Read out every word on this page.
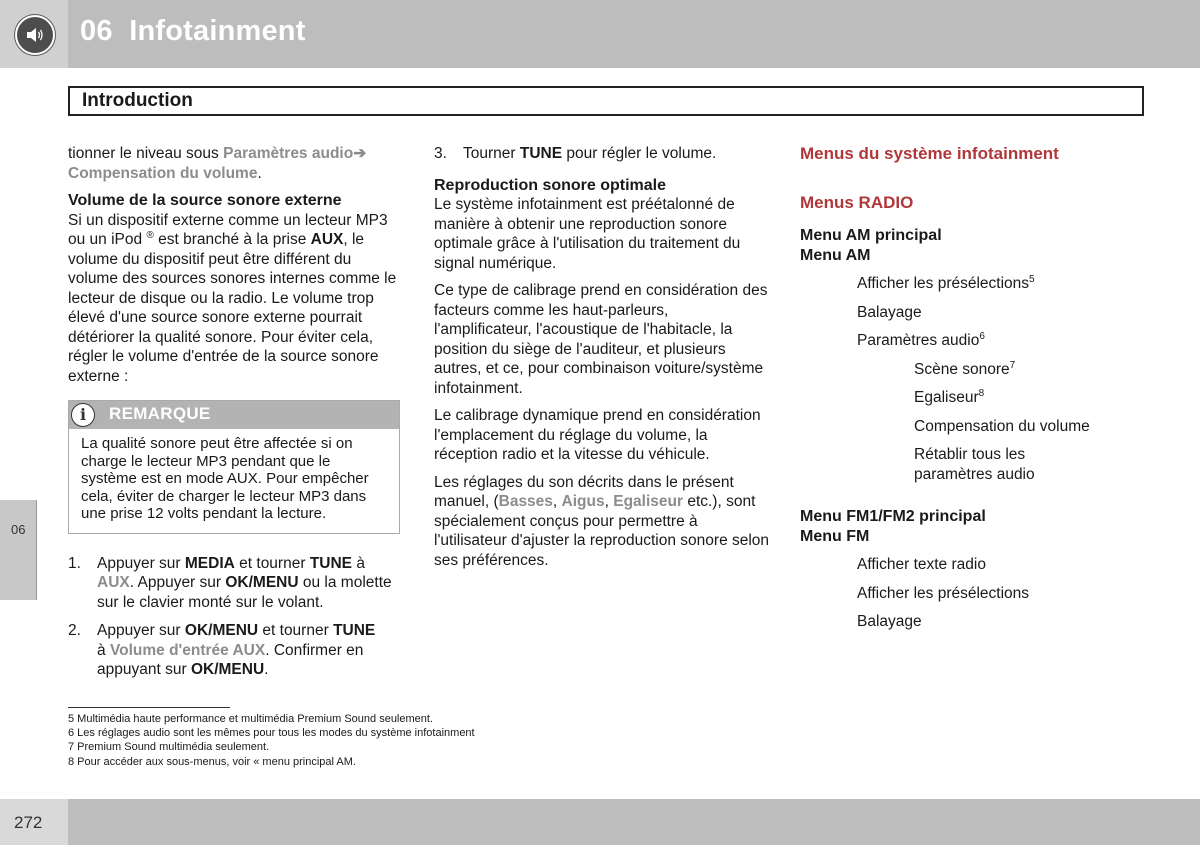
06 Infotainment
Introduction

tionner le niveau sous Paramètres audio➔ Compensation du volume.

Volume de la source sonore externe

Si un dispositif externe comme un lecteur MP3 ou un iPod ® est branché à la prise AUX, le volume du dispositif peut être différent du volume des sources sonores internes comme le lecteur de disque ou la radio. Le volume trop élevé d'une source sonore externe pourrait détériorer la qualité sonore. Pour éviter cela, régler le volume d'entrée de la source sonore externe :

i	REMARQUE
La qualité sonore peut être affectée si on charge le lecteur MP3 pendant que le système est en mode AUX. Pour empêcher cela, éviter de charger le lecteur MP3 dans une prise 12 volts pendant la lecture.
1. Appuyer sur MEDIA et tourner TUNE à AUX. Appuyer sur OK/MENU ou la molette sur le clavier monté sur le volant.
2. Appuyer sur OK/MENU et tourner TUNE
à Volume d'entrée AUX. Confirmer en appuyant sur OK/MENU.
3. Tourner TUNE pour régler le volume.

Reproduction sonore optimale

Le système infotainment est préétalonné de manière à obtenir une reproduction sonore optimale grâce à l'utilisation du traitement du signal numérique.

Ce type de calibrage prend en considération des facteurs comme les haut-parleurs, l'amplificateur, l'acoustique de l'habitacle, la position du siège de l'auditeur, et plusieurs autres, et ce, pour combinaison voiture/système infotainment.

Le calibrage dynamique prend en considération l'emplacement du réglage du volume, la réception radio et la vitesse du véhicule.

Les réglages du son décrits dans le présent manuel, (Basses, Aigus, Egaliseur etc.), sont spécialement conçus pour permettre à l'utilisateur d'ajuster la reproduction sonore selon ses préférences.

Menus du système infotainment
Menus RADIO
Menu AM principal
Menu AM
Afficher les présélections$^5$
Balayage
Paramètres audio$^6$
Scène sonore$^7$
Egaliseur$^8$
Compensation du volume
Rétablir tous les paramètres audio
Menu FM1/FM2 principal
Menu FM
Afficher texte radio
Afficher les présélections
Balayage
5 Multimédia haute performance et multimédia Premium Sound seulement.
6 Les réglages audio sont les mêmes pour tous les modes du système infotainment
7 Premium Sound multimédia seulement.
8 Pour accéder aux sous-menus, voir « menu principal AM.
06
272
